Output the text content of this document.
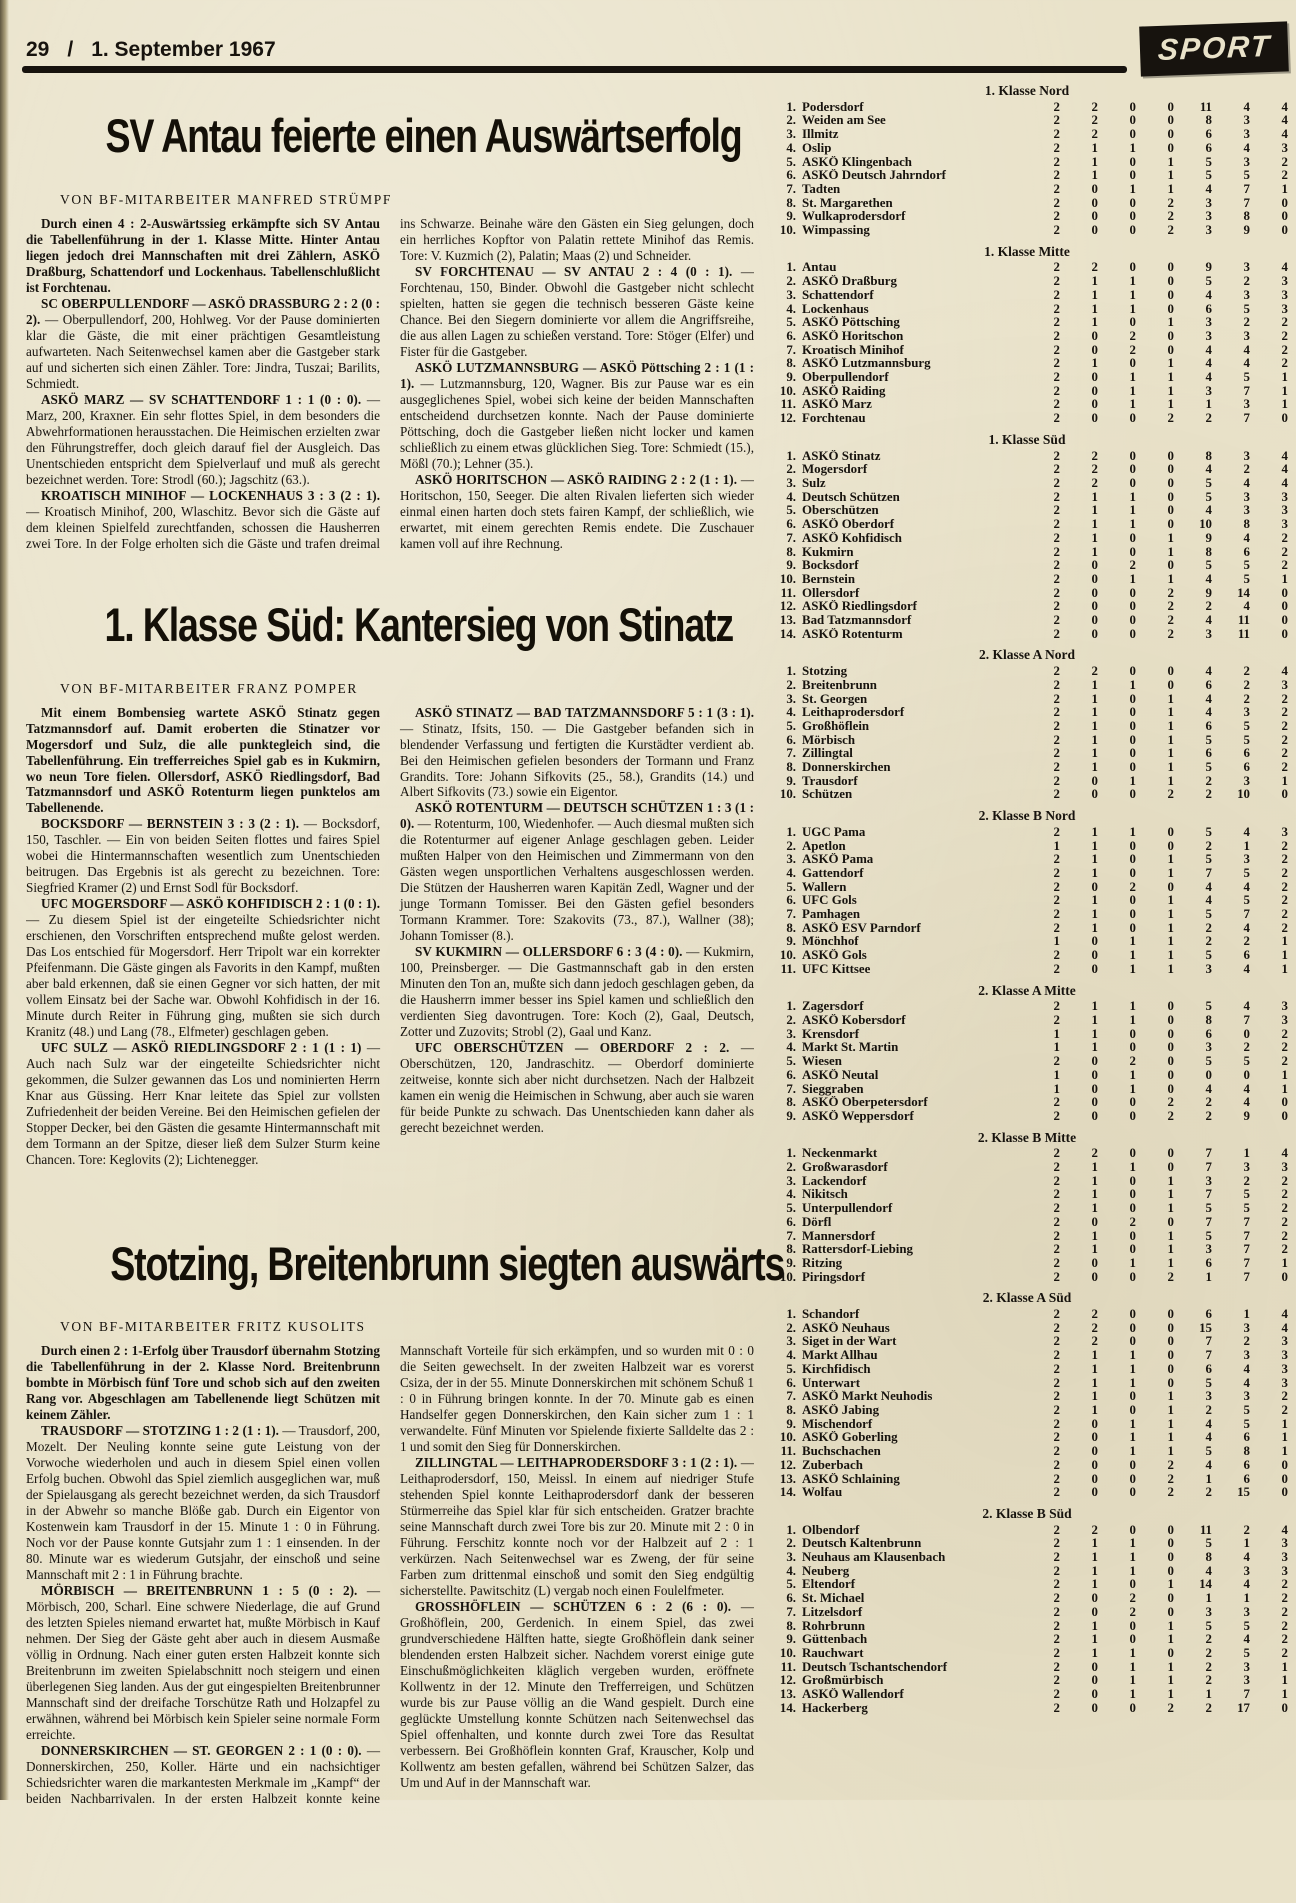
29 / 1. September 1967	SPORT
SV Antau feierte einen Auswärtserfolg
VON BF-MITARBEITER MANFRED STRÜMPF

Durch einen 4 : 2-Auswärtssieg erkämpfte sich SV Antau die Tabellenführung in der 1. Klasse Mitte. Hinter Antau liegen jedoch drei Mannschaften mit drei Zählern, ASKÖ Draßburg, Schattendorf und Lockenhaus. Tabellenschlußlicht ist Forchtenau.

SC OBERPULLENDORF — ASKÖ DRASSBURG 2 : 2 (0 : 2). — Oberpullendorf, 200, Hohlweg. Vor der Pause dominierten klar die Gäste, die mit einer prächtigen Gesamtleistung aufwarteten. Nach Seitenwechsel kamen aber die Gastgeber stark auf und sicherten sich einen Zähler. Tore: Jindra, Tuszai; Barilits, Schmiedt.

ASKÖ MARZ — SV SCHATTENDORF 1 : 1 (0 : 0). — Marz, 200, Kraxner. Ein sehr flottes Spiel, in dem besonders die Abwehrformationen herausstachen. Die Heimischen erzielten zwar den Führungstreffer, doch gleich darauf fiel der Ausgleich. Das Unentschieden entspricht dem Spielverlauf und muß als gerecht bezeichnet werden. Tore: Strodl (60.); Jagschitz (63.).

KROATISCH MINIHOF — LOCKENHAUS 3 : 3 (2 : 1). — Kroatisch Minihof, 200, Wlaschitz. Bevor sich die Gäste auf dem kleinen Spielfeld zurechtfanden, schossen die Hausherren zwei Tore. In der Folge erholten sich die Gäste und trafen dreimal ins Schwarze. Beinahe wäre den Gästen ein Sieg gelungen, doch ein herrliches Kopftor von Palatin rettete Minihof das Remis. Tore: V. Kuzmich (2), Palatin; Maas (2) und Schneider.

SV FORCHTENAU — SV ANTAU 2 : 4 (0 : 1). — Forchtenau, 150, Binder. Obwohl die Gastgeber nicht schlecht spielten, hatten sie gegen die technisch besseren Gäste keine Chance. Bei den Siegern dominierte vor allem die Angriffsreihe, die aus allen Lagen zu schießen verstand. Tore: Stöger (Elfer) und Fister für die Gastgeber.

ASKÖ LUTZMANNSBURG — ASKÖ Pöttsching 2 : 1 (1 : 1). — Lutzmannsburg, 120, Wagner. Bis zur Pause war es ein ausgeglichenes Spiel, wobei sich keine der beiden Mannschaften entscheidend durchsetzen konnte. Nach der Pause dominierte Pöttsching, doch die Gastgeber ließen nicht locker und kamen schließlich zu einem etwas glücklichen Sieg. Tore: Schmiedt (15.), Mößl (70.); Lehner (35.).

ASKÖ HORITSCHON — ASKÖ RAIDING 2 : 2 (1 : 1). — Horitschon, 150, Seeger. Die alten Rivalen lieferten sich wieder einmal einen harten doch stets fairen Kampf, der schließlich, wie erwartet, mit einem gerechten Remis endete. Die Zuschauer kamen voll auf ihre Rechnung.

1. Klasse Süd: Kantersieg von Stinatz
VON BF-MITARBEITER FRANZ POMPER

Mit einem Bombensieg wartete ASKÖ Stinatz gegen Tatzmannsdorf auf. Damit eroberten die Stinatzer vor Mogersdorf und Sulz, die alle punktegleich sind, die Tabellenführung. Ein trefferreiches Spiel gab es in Kukmirn, wo neun Tore fielen. Ollersdorf, ASKÖ Riedlingsdorf, Bad Tatzmannsdorf und ASKÖ Rotenturm liegen punktelos am Tabellenende.

BOCKSDORF — BERNSTEIN 3 : 3 (2 : 1). — Bocksdorf, 150, Taschler. — Ein von beiden Seiten flottes und faires Spiel wobei die Hintermannschaften wesentlich zum Unentschieden beitrugen. Das Ergebnis ist als gerecht zu bezeichnen. Tore: Siegfried Kramer (2) und Ernst Sodl für Bocksdorf.

UFC MOGERSDORF — ASKÖ KOHFIDISCH 2 : 1 (0 : 1). — Zu diesem Spiel ist der eingeteilte Schiedsrichter nicht erschienen, den Vorschriften entsprechend mußte gelost werden. Das Los entschied für Mogersdorf. Herr Tripolt war ein korrekter Pfeifenmann. Die Gäste gingen als Favorits in den Kampf, mußten aber bald erkennen, daß sie einen Gegner vor sich hatten, der mit vollem Einsatz bei der Sache war. Obwohl Kohfidisch in der 16. Minute durch Reiter in Führung ging, mußten sie sich durch Kranitz (48.) und Lang (78., Elfmeter) geschlagen geben.

UFC SULZ — ASKÖ RIEDLINGSDORF 2 : 1 (1 : 1) — Auch nach Sulz war der eingeteilte Schiedsrichter nicht gekommen, die Sulzer gewannen das Los und nominierten Herrn Knar aus Güssing. Herr Knar leitete das Spiel zur vollsten Zufriedenheit der beiden Vereine. Bei den Heimischen gefielen der Stopper Decker, bei den Gästen die gesamte Hintermannschaft mit dem Tormann an der Spitze, dieser ließ dem Sulzer Sturm keine Chancen. Tore: Keglovits (2); Lichtenegger.

ASKÖ STINATZ — BAD TATZMANNSDORF 5 : 1 (3 : 1). — Stinatz, Ifsits, 150. — Die Gastgeber befanden sich in blendender Verfassung und fertigten die Kurstädter verdient ab. Bei den Heimischen gefielen besonders der Tormann und Franz Grandits. Tore: Johann Sifkovits (25., 58.), Grandits (14.) und Albert Sifkovits (73.) sowie ein Eigentor.

ASKÖ ROTENTURM — DEUTSCH SCHÜTZEN 1 : 3 (1 : 0). — Rotenturm, 100, Wiedenhofer. — Auch diesmal mußten sich die Rotenturmer auf eigener Anlage geschlagen geben. Leider mußten Halper von den Heimischen und Zimmermann von den Gästen wegen unsportlichen Verhaltens ausgeschlossen werden. Die Stützen der Hausherren waren Kapitän Zedl, Wagner und der junge Tormann Tomisser. Bei den Gästen gefiel besonders Tormann Krammer. Tore: Szakovits (73., 87.), Wallner (38); Johann Tomisser (8.).

SV KUKMIRN — OLLERSDORF 6 : 3 (4 : 0). — Kukmirn, 100, Preinsberger. — Die Gastmannschaft gab in den ersten Minuten den Ton an, mußte sich dann jedoch geschlagen geben, da die Hausherrn immer besser ins Spiel kamen und schließlich den verdienten Sieg davontrugen. Tore: Koch (2), Gaal, Deutsch, Zotter und Zuzovits; Strobl (2), Gaal und Kanz.

UFC OBERSCHÜTZEN — OBERDORF 2 : 2. — Oberschützen, 120, Jandraschitz. — Oberdorf dominierte zeitweise, konnte sich aber nicht durchsetzen. Nach der Halbzeit kamen ein wenig die Heimischen in Schwung, aber auch sie waren für beide Punkte zu schwach. Das Unentschieden kann daher als gerecht bezeichnet werden.

Stotzing, Breitenbrunn siegten auswärts
VON BF-MITARBEITER FRITZ KUSOLITS

Durch einen 2 : 1-Erfolg über Trausdorf übernahm Stotzing die Tabellenführung in der 2. Klasse Nord. Breitenbrunn bombte in Mörbisch fünf Tore und schob sich auf den zweiten Rang vor. Abgeschlagen am Tabellenende liegt Schützen mit keinem Zähler.

TRAUSDORF — STOTZING 1 : 2 (1 : 1). — Trausdorf, 200, Mozelt. Der Neuling konnte seine gute Leistung von der Vorwoche wiederholen und auch in diesem Spiel einen vollen Erfolg buchen. Obwohl das Spiel ziemlich ausgeglichen war, muß der Spielausgang als gerecht bezeichnet werden, da sich Trausdorf in der Abwehr so manche Blöße gab. Durch ein Eigentor von Kostenwein kam Trausdorf in der 15. Minute 1 : 0 in Führung. Noch vor der Pause konnte Gutsjahr zum 1 : 1 einsenden. In der 80. Minute war es wiederum Gutsjahr, der einschoß und seine Mannschaft mit 2 : 1 in Führung brachte.

MÖRBISCH — BREITENBRUNN 1 : 5 (0 : 2). — Mörbisch, 200, Scharl. Eine schwere Niederlage, die auf Grund des letzten Spieles niemand erwartet hat, mußte Mörbisch in Kauf nehmen. Der Sieg der Gäste geht aber auch in diesem Ausmaße völlig in Ordnung. Nach einer guten ersten Halbzeit konnte sich Breitenbrunn im zweiten Spielabschnitt noch steigern und einen überlegenen Sieg landen. Aus der gut eingespielten Breitenbrunner Mannschaft sind der dreifache Torschütze Rath und Holzapfel zu erwähnen, während bei Mörbisch kein Spieler seine normale Form erreichte.

DONNERSKIRCHEN — ST. GEORGEN 2 : 1 (0 : 0). — Donnerskirchen, 250, Koller. Härte und ein nachsichtiger Schiedsrichter waren die markantesten Merkmale im „Kampf“ der beiden Nachbarrivalen. In der ersten Halbzeit konnte keine Mannschaft Vorteile für sich erkämpfen, und so wurden mit 0 : 0 die Seiten gewechselt. In der zweiten Halbzeit war es vorerst Csiza, der in der 55. Minute Donnerskirchen mit schönem Schuß 1 : 0 in Führung bringen konnte. In der 70. Minute gab es einen Handselfer gegen Donnerskirchen, den Kain sicher zum 1 : 1 verwandelte. Fünf Minuten vor Spielende fixierte Salldelte das 2 : 1 und somit den Sieg für Donnerskirchen.

ZILLINGTAL — LEITHAPRODERSDORF 3 : 1 (2 : 1). — Leithaprodersdorf, 150, Meissl. In einem auf niedriger Stufe stehenden Spiel konnte Leithaprodersdorf dank der besseren Stürmerreihe das Spiel klar für sich entscheiden. Gratzer brachte seine Mannschaft durch zwei Tore bis zur 20. Minute mit 2 : 0 in Führung. Ferschitz konnte noch vor der Halbzeit auf 2 : 1 verkürzen. Nach Seitenwechsel war es Zweng, der für seine Farben zum drittenmal einschoß und somit den Sieg endgültig sicherstellte. Pawitschitz (L) vergab noch einen Foulelfmeter.

GROSSHÖFLEIN — SCHÜTZEN 6 : 2 (6 : 0). — Großhöflein, 200, Gerdenich. In einem Spiel, das zwei grundverschiedene Hälften hatte, siegte Großhöflein dank seiner blendenden ersten Halbzeit sicher. Nachdem vorerst einige gute Einschußmöglichkeiten kläglich vergeben wurden, eröffnete Kollwentz in der 12. Minute den Trefferreigen, und Schützen wurde bis zur Pause völlig an die Wand gespielt. Durch eine geglückte Umstellung konnte Schützen nach Seitenwechsel das Spiel offenhalten, und konnte durch zwei Tore das Resultat verbessern. Bei Großhöflein konnten Graf, Krauscher, Kolp und Kollwentz am besten gefallen, während bei Schützen Salzer, das Um und Auf in der Mannschaft war.

1. Klasse Nord
1. Podersdorf	2	2	0	0	11	4	4
2. Weiden am See	2	2	0	0	8	3	4
3. Illmitz	2	2	0	0	6	3	4
4. Oslip	2	1	1	0	6	4	3
5. ASKÖ Klingenbach	2	1	0	1	5	3	2
6. ASKÖ Deutsch Jahrndorf	2	1	0	1	5	5	2
7. Tadten	2	0	1	1	4	7	1
8. St. Margarethen	2	0	0	2	3	7	0
9. Wulkaprodersdorf	2	0	0	2	3	8	0
10. Wimpassing	2	0	0	2	3	9	0
1. Klasse Mitte
1. Antau	2	2	0	0	9	3	4
2. ASKÖ Draßburg	2	1	1	0	5	2	3
3. Schattendorf	2	1	1	0	4	3	3
4. Lockenhaus	2	1	1	0	6	5	3
5. ASKÖ Pöttsching	2	1	0	1	3	2	2
6. ASKÖ Horitschon	2	0	2	0	3	3	2
7. Kroatisch Minihof	2	0	2	0	4	4	2
8. ASKÖ Lutzmannsburg	2	1	0	1	4	4	2
9. Oberpullendorf	2	0	1	1	4	5	1
10. ASKÖ Raiding	2	0	1	1	3	7	1
11. ASKÖ Marz	2	0	1	1	1	3	1
12. Forchtenau	2	0	0	2	2	7	0
1. Klasse Süd
1. ASKÖ Stinatz	2	2	0	0	8	3	4
2. Mogersdorf	2	2	0	0	4	2	4
3. Sulz	2	2	0	0	5	4	4
4. Deutsch Schützen	2	1	1	0	5	3	3
5. Oberschützen	2	1	1	0	4	3	3
6. ASKÖ Oberdorf	2	1	1	0	10	8	3
7. ASKÖ Kohfidisch	2	1	0	1	9	4	2
8. Kukmirn	2	1	0	1	8	6	2
9. Bocksdorf	2	0	2	0	5	5	2
10. Bernstein	2	0	1	1	4	5	1
11. Ollersdorf	2	0	0	2	9	14	0
12. ASKÖ Riedlingsdorf	2	0	0	2	2	4	0
13. Bad Tatzmannsdorf	2	0	0	2	4	11	0
14. ASKÖ Rotenturm	2	0	0	2	3	11	0
2. Klasse A Nord
1. Stotzing	2	2	0	0	4	2	4
2. Breitenbrunn	2	1	1	0	6	2	3
3. St. Georgen	2	1	0	1	4	2	2
4. Leithaprodersdorf	2	1	0	1	4	3	2
5. Großhöflein	2	1	0	1	6	5	2
6. Mörbisch	2	1	0	1	5	5	2
7. Zillingtal	2	1	0	1	6	6	2
8. Donnerskirchen	2	1	0	1	5	6	2
9. Trausdorf	2	0	1	1	2	3	1
10. Schützen	2	0	0	2	2	10	0
2. Klasse B Nord
1. UGC Pama	2	1	1	0	5	4	3
2. Apetlon	1	1	0	0	2	1	2
3. ASKÖ Pama	2	1	0	1	5	3	2
4. Gattendorf	2	1	0	1	7	5	2
5. Wallern	2	0	2	0	4	4	2
6. UFC Gols	2	1	0	1	4	5	2
7. Pamhagen	2	1	0	1	5	7	2
8. ASKÖ ESV Parndorf	2	1	0	1	2	4	2
9. Mönchhof	1	0	1	1	2	2	1
10. ASKÖ Gols	2	0	1	1	5	6	1
11. UFC Kittsee	2	0	1	1	3	4	1
2. Klasse A Mitte
1. Zagersdorf	2	1	1	0	5	4	3
2. ASKÖ Kobersdorf	2	1	1	0	8	7	3
3. Krensdorf	1	1	0	0	6	0	2
4. Markt St. Martin	1	1	0	0	3	2	2
5. Wiesen	2	0	2	0	5	5	2
6. ASKÖ Neutal	1	0	1	0	0	0	1
7. Sieggraben	1	0	1	0	4	4	1
8. ASKÖ Oberpetersdorf	2	0	0	2	2	4	0
9. ASKÖ Weppersdorf	2	0	0	2	2	9	0
2. Klasse B Mitte
1. Neckenmarkt	2	2	0	0	7	1	4
2. Großwarasdorf	2	1	1	0	7	3	3
3. Lackendorf	2	1	0	1	3	2	2
4. Nikitsch	2	1	0	1	7	5	2
5. Unterpullendorf	2	1	0	1	5	5	2
6. Dörfl	2	0	2	0	7	7	2
7. Mannersdorf	2	1	0	1	5	7	2
8. Rattersdorf-Liebing	2	1	0	1	3	7	2
9. Ritzing	2	0	1	1	6	7	1
10. Piringsdorf	2	0	0	2	1	7	0
2. Klasse A Süd
1. Schandorf	2	2	0	0	6	1	4
2. ASKÖ Neuhaus	2	2	0	0	15	3	4
3. Siget in der Wart	2	2	0	0	7	2	3
4. Markt Allhau	2	1	1	0	7	3	3
5. Kirchfidisch	2	1	1	0	6	4	3
6. Unterwart	2	1	1	0	5	4	3
7. ASKÖ Markt Neuhodis	2	1	0	1	3	3	2
8. ASKÖ Jabing	2	1	0	1	2	5	2
9. Mischendorf	2	0	1	1	4	5	1
10. ASKÖ Goberling	2	0	1	1	4	6	1
11. Buchschachen	2	0	1	1	5	8	1
12. Zuberbach	2	0	0	2	4	6	0
13. ASKÖ Schlaining	2	0	0	2	1	6	0
14. Wolfau	2	0	0	2	2	15	0
2. Klasse B Süd
1. Olbendorf	2	2	0	0	11	2	4
2. Deutsch Kaltenbrunn	2	1	1	0	5	1	3
3. Neuhaus am Klausenbach	2	1	1	0	8	4	3
4. Neuberg	2	1	1	0	4	3	3
5. Eltendorf	2	1	0	1	14	4	2
6. St. Michael	2	0	2	0	1	1	2
7. Litzelsdorf	2	0	2	0	3	3	2
8. Rohrbrunn	2	1	0	1	5	5	2
9. Güttenbach	2	1	0	1	2	4	2
10. Rauchwart	2	1	1	0	2	5	2
11. Deutsch Tschantschendorf	2	0	1	1	2	3	1
12. Großmürbisch	2	0	1	1	2	3	1
13. ASKÖ Wallendorf	2	0	1	1	1	7	1
14. Hackerberg	2	0	0	2	2	17	0
